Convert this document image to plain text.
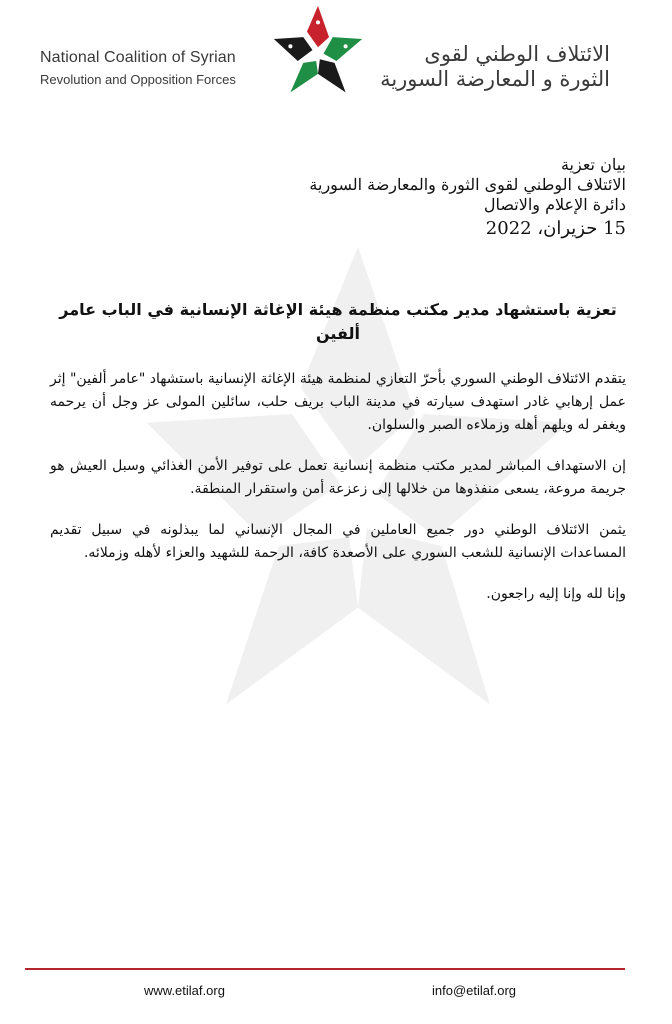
National Coalition of Syrian
Revolution and Opposition Forces
الائتلاف الوطني لقوى
الثورة و المعارضة السورية
بيان تعزية
الائتلاف الوطني لقوى الثورة والمعارضة السورية
دائرة الإعلام والاتصال
15 حزيران، 2022
تعزية باستشهاد مدير مكتب منظمة هيئة الإغاثة الإنسانية في الباب عامر ألفين

يتقدم الائتلاف الوطني السوري بأحرّ التعازي لمنظمة هيئة الإغاثة الإنسانية باستشهاد "عامر ألفين" إثر عمل إرهابي غادر استهدف سيارته في مدينة الباب بريف حلب، سائلين المولى عز وجل أن يرحمه ويغفر له ويلهم أهله وزملاءه الصبر والسلوان.

إن الاستهداف المباشر لمدير مكتب منظمة إنسانية تعمل على توفير الأمن الغذائي وسبل العيش هو جريمة مروعة، يسعى منفذوها من خلالها إلى زعزعة أمن واستقرار المنطقة.

يثمن الائتلاف الوطني دور جميع العاملين في المجال الإنساني لما يبذلونه في سبيل تقديم المساعدات الإنسانية للشعب السوري على الأصعدة كافة، الرحمة للشهيد والعزاء لأهله وزملائه.

وإنا لله وإنا إليه راجعون.

www.etilaf.org	info@etilaf.org
